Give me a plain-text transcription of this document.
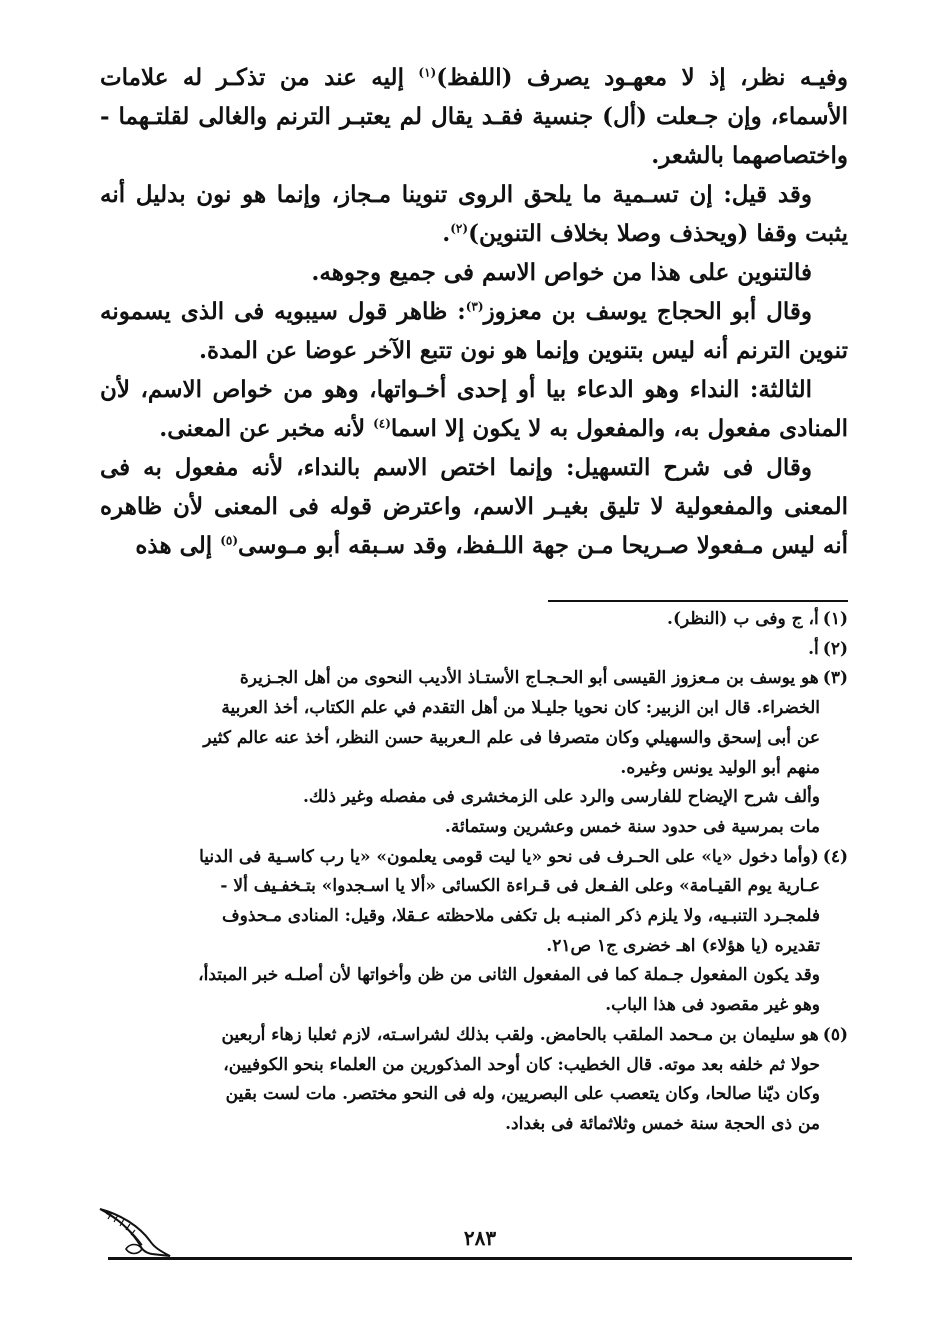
وفيـه نظر، إذ لا معهـود يصرف (اللفظ)$^{(١)}$ إليه عند من تذكـر له علامات الأسماء، وإن جـعلت (أل) جنسية فقـد يقال لم يعتبـر الترنم والغالى لقلتـهما - واختصاصهما بالشعر.

وقد قيل: إن تسـمية ما يلحق الروى تنوينا مـجاز، وإنما هو نون بدليل أنه يثبت وقفا (ويحذف وصلا بخلاف التنوين)$^{(٢)}$.

فالتنوين على هذا من خواص الاسم فى جميع وجوهه.

وقال أبو الحجاج يوسف بن معزوز$^{(٣)}$: ظاهر قول سيبويه فى الذى يسمونه تنوين الترنم أنه ليس بتنوين وإنما هو نون تتبع الآخر عوضا عن المدة.

الثالثة: النداء وهو الدعاء بيا أو إحدى أخـواتها، وهو من خواص الاسم، لأن المنادى مفعول به، والمفعول به لا يكون إلا اسما$^{(٤)}$ لأنه مخبر عن المعنى.

وقال فى شرح التسهيل: وإنما اختص الاسم بالنداء، لأنه مفعول به فى المعنى والمفعولية لا تليق بغيـر الاسم، واعترض قوله فى المعنى لأن ظاهره أنه ليس مـفعولا صـريحا مـن جهة اللـفظ، وقد سـبقه أبو مـوسى$^{(٥)}$ إلى هذه

(١)أ، ج وفى ب (النظر).

(٢)أ.

(٣)هو يوسف بن مـعزوز القيسى أبو الحـجـاج الأستـاذ الأديب النحوى من أهل الجـزيرة

الخضراء. قال ابن الزبير: كان نحويا جليـلا من أهل التقدم في علم الكتاب، أخذ العربية

عن أبى إسحق والسهيلي وكان متصرفا فى علم الـعربية حسن النظر، أخذ عنه عالم كثير

منهم أبو الوليد يونس وغيره.

وألف شرح الإيضاح للفارسى والرد على الزمخشرى فى مفصله وغير ذلك.

مات بمرسية فى حدود سنة خمس وعشرين وستمائة.

(٤)(وأما دخول «يا» على الحـرف فى نحو «يا ليت قومى يعلمون» «يا رب كاسـية فى الدنيا

عـارية يوم القيـامة» وعلى الفـعل فى قـراءة الكسائى «ألا يا اسـجدوا» بتـخفـيف ألا -

فلمجـرد التنبـيه، ولا يلزم ذكر المنبـه بل تكفى ملاحظته عـقلا، وقيل: المنادى مـحذوف

تقديره (يا هؤلاء) اهـ خضرى ج١ ص٢١.

وقد يكون المفعول جـملة كما فى المفعول الثانى من ظن وأخواتها لأن أصلـه خبر المبتدأ،

وهو غير مقصود فى هذا الباب.

(٥)هو سليمان بن مـحمد الملقب بالحامض. ولقب بذلك لشراسـته، لازم ثعلبا زهاء أربعين

حولا ثم خلفه بعد موته. قال الخطيب: كان أوحد المذكورين من العلماء بنحو الكوفيين،

وكان ديّنا صالحا، وكان يتعصب على البصريين، وله فى النحو مختصر. مات لست بقين

من ذى الحجة سنة خمس وثلاثمائة فى بغداد.

٢٨٣
